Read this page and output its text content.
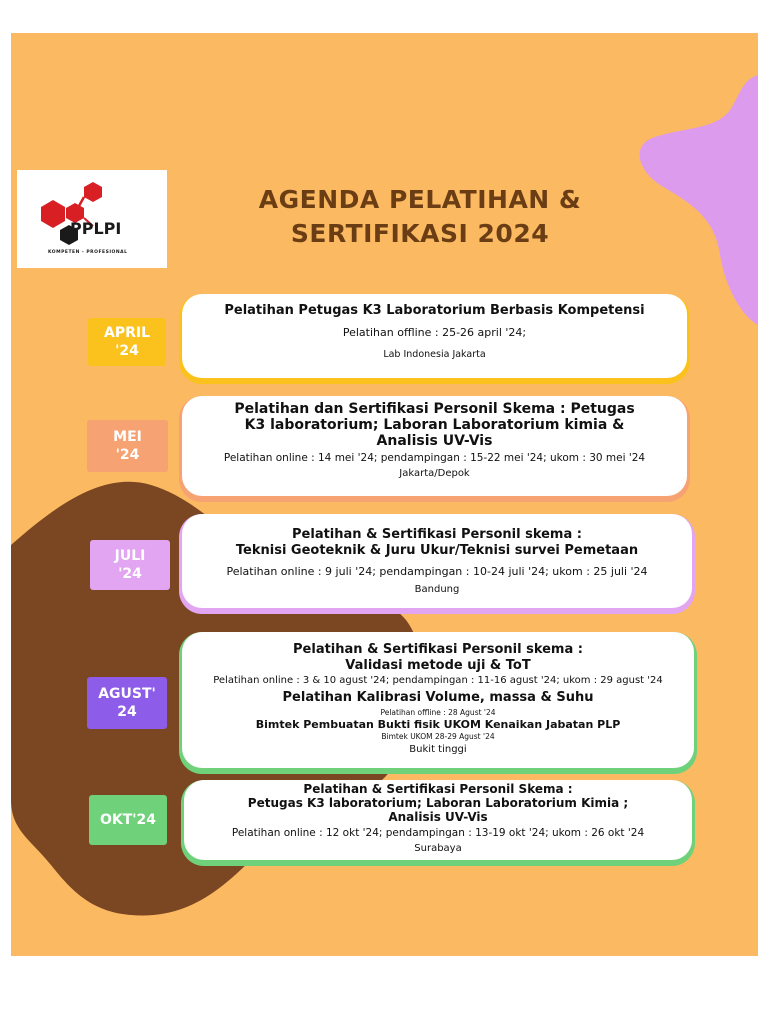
PPLPI
KOMPETEN - PROFESIONAL
AGENDA PELATIHAN &
SERTIFIKASI 2024
APRIL
'24
Pelatihan Petugas K3 Laboratorium Berbasis Kompetensi
Pelatihan offline : 25-26 april '24;
Lab Indonesia Jakarta
MEI
'24
Pelatihan dan Sertifikasi Personil Skema : Petugas
K3 laboratorium; Laboran Laboratorium kimia &
Analisis UV-Vis
Pelatihan online : 14 mei '24; pendampingan : 15-22 mei '24; ukom : 30 mei '24
Jakarta/Depok
JULI
'24
Pelatihan & Sertifikasi Personil skema :
Teknisi Geoteknik & Juru Ukur/Teknisi survei Pemetaan
Pelatihan online : 9 juli '24; pendampingan : 10-24 juli '24; ukom : 25 juli '24
Bandung
AGUST'
24
Pelatihan & Sertifikasi Personil skema :
Validasi metode uji & ToT
Pelatihan online : 3 & 10 agust '24; pendampingan : 11-16 agust '24; ukom : 29 agust '24
Pelatihan Kalibrasi Volume, massa & Suhu
Pelatihan offline : 28 Agust '24
Bimtek Pembuatan Bukti fisik UKOM Kenaikan Jabatan PLP
Bimtek UKOM 28-29 Agust '24
Bukit tinggi
OKT'24
Pelatihan & Sertifikasi Personil Skema :
Petugas K3 laboratorium; Laboran Laboratorium Kimia ;
Analisis UV-Vis
Pelatihan online : 12 okt '24; pendampingan : 13-19 okt '24; ukom : 26 okt '24
Surabaya
